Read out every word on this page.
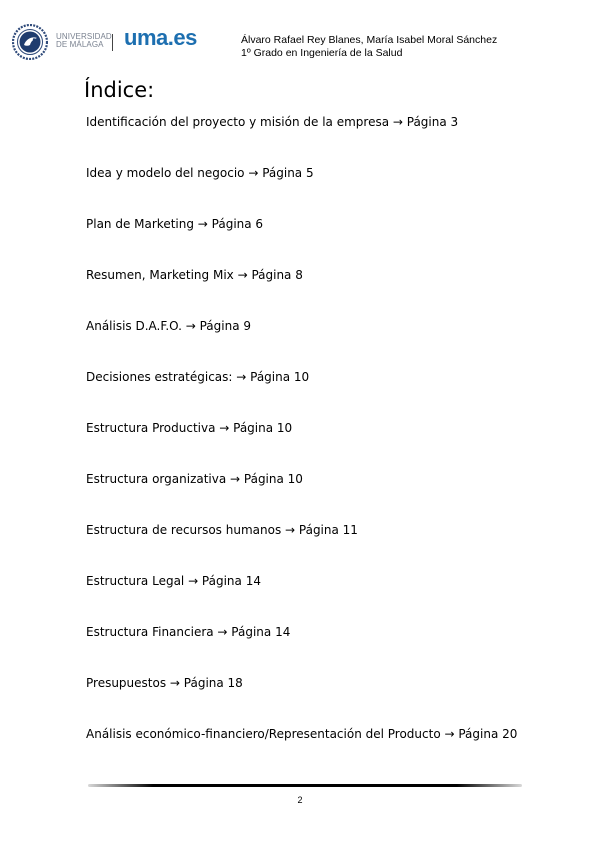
UNIVERSIDAD
DE MÁLAGA uma.es	Álvaro Rafael Rey Blanes, María Isabel Moral Sánchez
1º Grado en Ingeniería de la Salud
Índice:
Identificación del proyecto y misión de la empresa → Página 3
Idea y modelo del negocio → Página 5
Plan de Marketing → Página 6
Resumen, Marketing Mix → Página 8
Análisis D.A.F.O. → Página 9
Decisiones estratégicas: → Página 10
Estructura Productiva → Página 10
Estructura organizativa → Página 10
Estructura de recursos humanos → Página 11
Estructura Legal → Página 14
Estructura Financiera → Página 14
Presupuestos → Página 18
Análisis económico-financiero/Representación del Producto → Página 20
2
